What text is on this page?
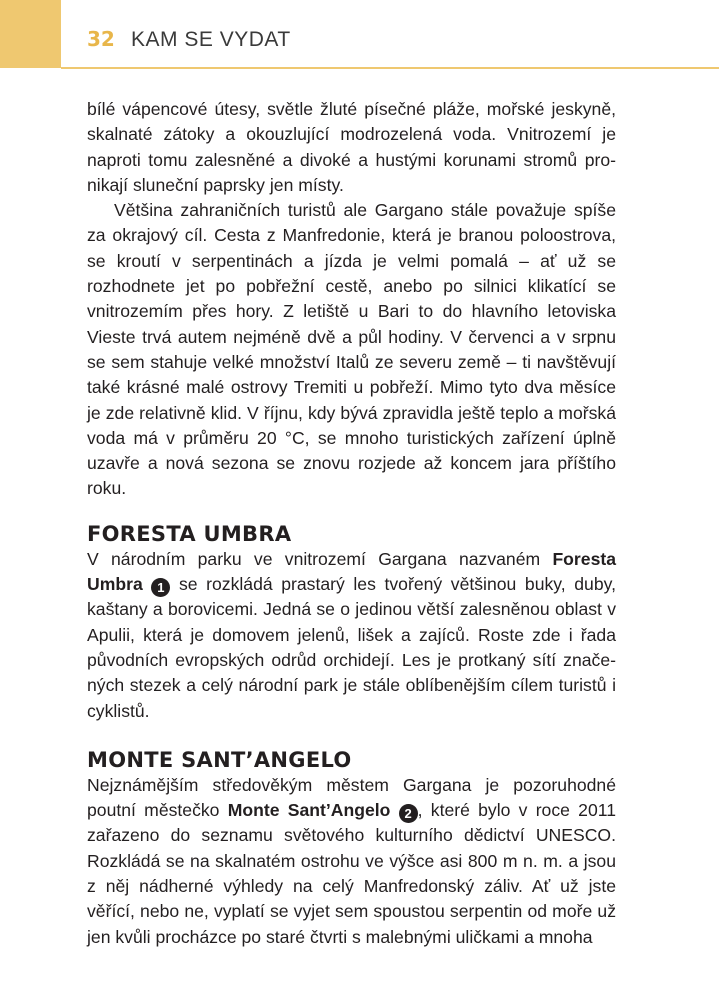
32 KAM SE VYDAT

bílé vápencové útesy, světle žluté písečné pláže, mořské jeskyně, skalnaté zátoky a okouzlující modrozelená voda. Vnitrozemí je naproti tomu zalesněné a divoké a hustými korunami stromů pronikají sluneční paprsky jen místy.

Většina zahraničních turistů ale Gargano stále považuje spíše za okrajový cíl. Cesta z Manfredonie, která je branou poloostrova, se kroutí v serpentinách a jízda je velmi pomalá – ať už se rozhodnete jet po pobřežní cestě, anebo po silnici klikatící se vnitrozemím přes hory. Z letiště u Bari to do hlavního letoviska Vieste trvá autem nejméně dvě a půl hodiny. V červenci a v srpnu se sem stahuje velké množství Italů ze severu země – ti navštěvují také krásné malé ostrovy Tremiti u pobřeží. Mimo tyto dva měsíce je zde relativně klid. V říjnu, kdy bývá zpravidla ještě teplo a mořská voda má v průměru 20 °C, se mnoho turistických zařízení úplně uzavře a nová sezona se znovu rozjede až koncem jara příštího roku.

FORESTA UMBRA

V národním parku ve vnitrozemí Gargana nazvaném Foresta Umbra 1 se rozkládá prastarý les tvořený většinou buky, duby, kaštany a borovicemi. Jedná se o jedinou větší zalesněnou oblast v Apulii, která je domovem jelenů, lišek a zajíců. Roste zde i řada původních evropských odrůd orchidejí. Les je protkaný sítí značených stezek a celý národní park je stále oblíbenějším cílem turistů i cyklistů.

MONTE SANT’ANGELO

Nejznámějším středověkým městem Gargana je pozoruhodné poutní městečko Monte Sant’Angelo 2 , které bylo v roce 2011 zařazeno do seznamu světového kulturního dědictví UNESCO. Rozkládá se na skalnatém ostrohu ve výšce asi 800 m n. m. a jsou z něj nádherné výhledy na celý Manfredonský záliv. Ať už jste věřící, nebo ne, vyplatí se vyjet sem spoustou serpentin od moře už jen kvůli procházce po staré čtvrti s malebnými uličkami a mnoha
